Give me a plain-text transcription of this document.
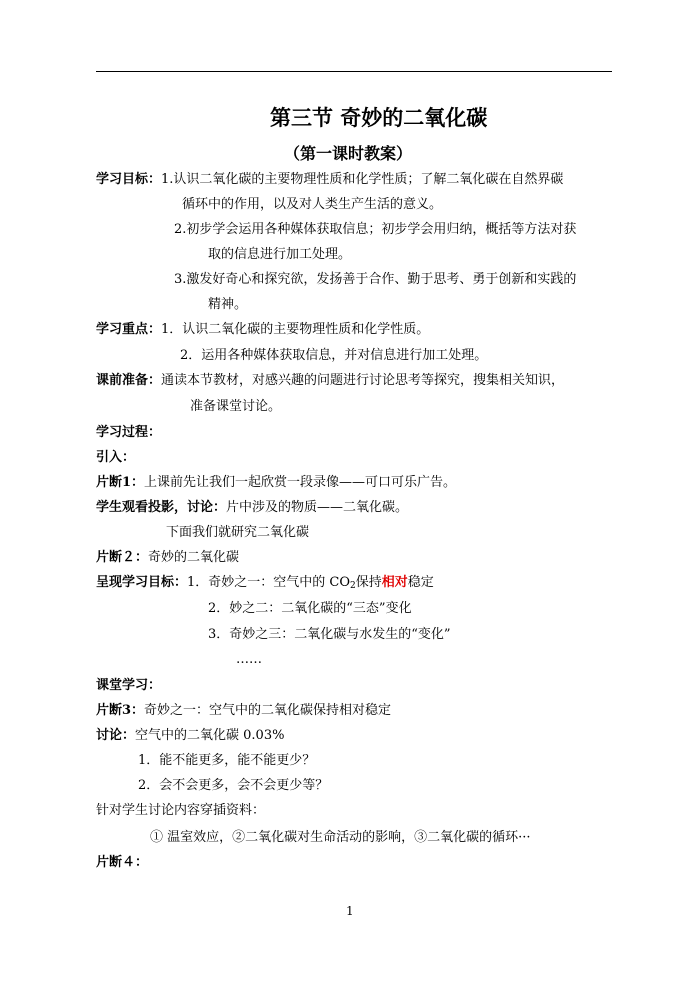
第三节 奇妙的二氧化碳
（第一课时教案）
学习目标：1.认识二氧化碳的主要物理性质和化学性质；了解二氧化碳在自然界碳
循环中的作用，以及对人类生产生活的意义。
2.初步学会运用各种媒体获取信息；初步学会用归纳，概括等方法对获
取的信息进行加工处理。
3.激发好奇心和探究欲，发扬善于合作、勤于思考、勇于创新和实践的
精神。
学习重点：1．认识二氧化碳的主要物理性质和化学性质。
2．运用各种媒体获取信息，并对信息进行加工处理。
课前准备：通读本节教材，对感兴趣的问题进行讨论思考等探究，搜集相关知识，
准备课堂讨论。
学习过程：
引入：
片断1：上课前先让我们一起欣赏一段录像——可口可乐广告。
学生观看投影，讨论：片中涉及的物质——二氧化碳。
下面我们就研究二氧化碳
片断２：奇妙的二氧化碳
呈现学习目标：1．奇妙之一：空气中的 $CO_2$保持相对稳定
2．妙之二：二氧化碳的“三态”变化
3．奇妙之三：二氧化碳与水发生的“变化”
……
课堂学习：
片断3：奇妙之一：空气中的二氧化碳保持相对稳定
讨论：空气中的二氧化碳 0.03%
1．能不能更多，能不能更少？
2．会不会更多，会不会更少等？
针对学生讨论内容穿插资料：
① 温室效应，②二氧化碳对生命活动的影响，③二氧化碳的循环···
片断４：
1
